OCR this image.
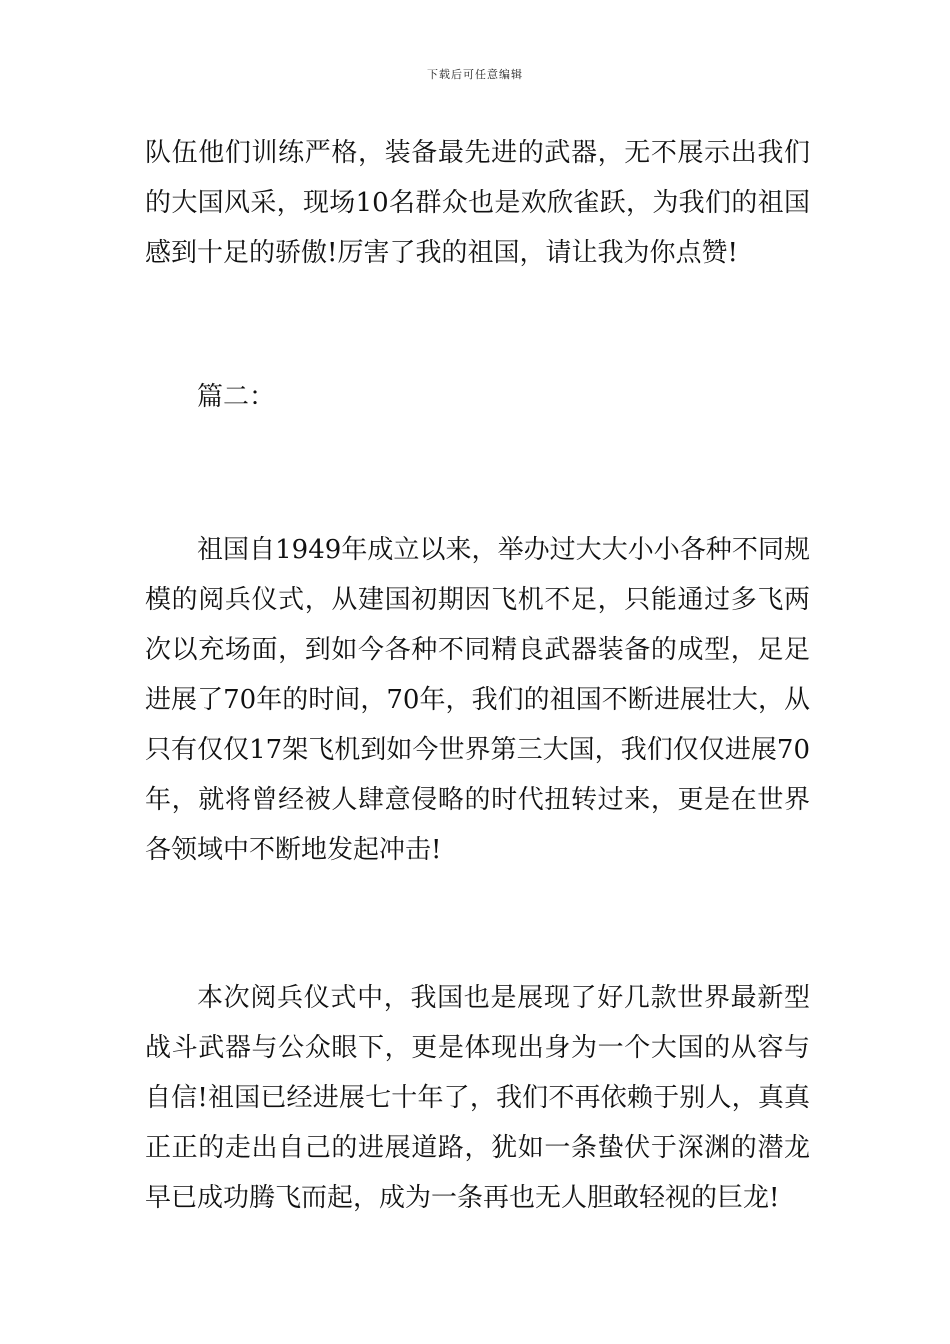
下载后可任意编辑

队伍他们训练严格，装备最先进的武器，无不展示出我们的大国风采，现场10名群众也是欢欣雀跃，为我们的祖国感到十足的骄傲!厉害了我的祖国，请让我为你点赞!

篇二：

祖国自1949年成立以来，举办过大大小小各种不同规模的阅兵仪式，从建国初期因飞机不足，只能通过多飞两次以充场面，到如今各种不同精良武器装备的成型，足足进展了70年的时间，70年，我们的祖国不断进展壮大，从只有仅仅17架飞机到如今世界第三大国，我们仅仅进展70年，就将曾经被人肆意侵略的时代扭转过来，更是在世界各领域中不断地发起冲击!

本次阅兵仪式中，我国也是展现了好几款世界最新型战斗武器与公众眼下，更是体现出身为一个大国的从容与自信!祖国已经进展七十年了，我们不再依赖于别人，真真正正的走出自己的进展道路，犹如一条蛰伏于深渊的潜龙早已成功腾飞而起，成为一条再也无人胆敢轻视的巨龙!
